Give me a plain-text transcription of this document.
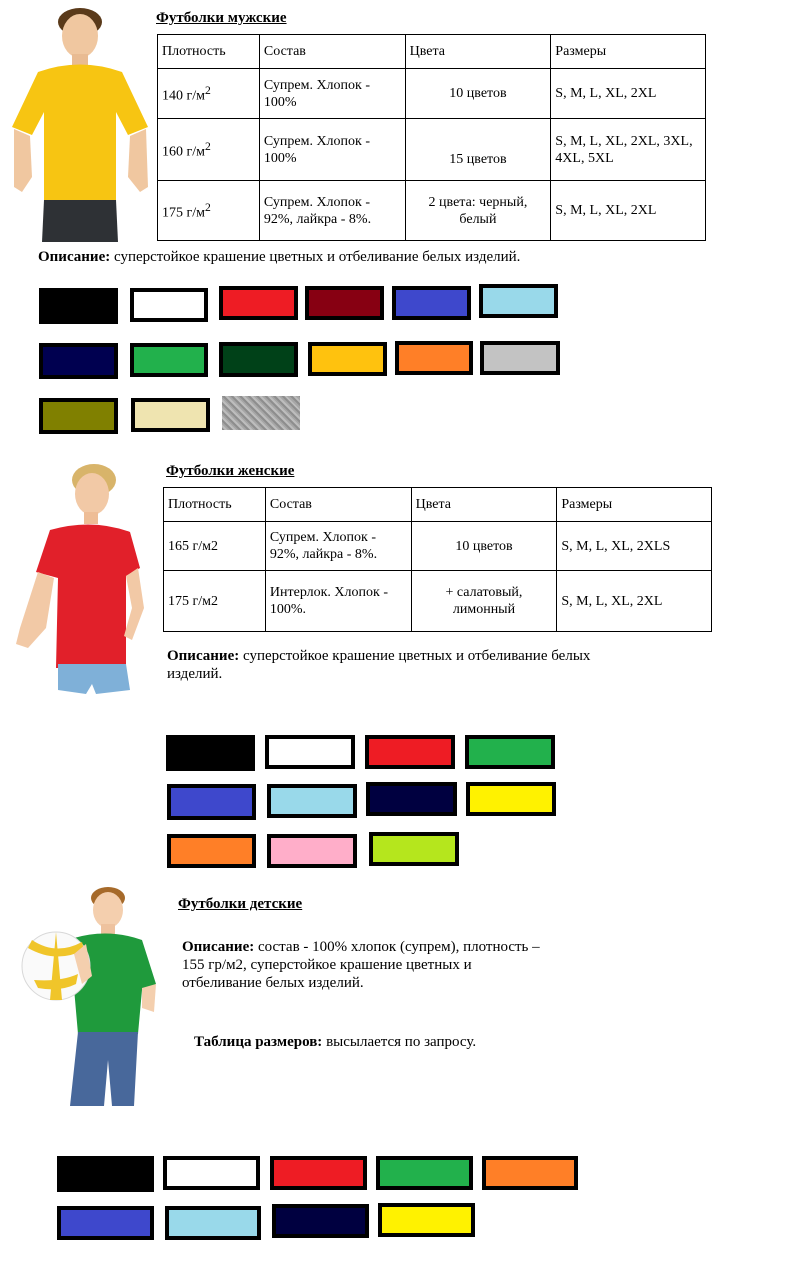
Футболки мужские
Плотность	Состав	Цвета	Размеры
140 $г/м^2$	Супрем. Хлопок - 100%	10 цветов	S, M, L, XL, 2XL
160 $г/м^2$	Супрем. Хлопок - 100%	15 цветов	S, M, L, XL, 2XL, 3XL, 4XL, 5XL
175 $г/м^2$	Супрем. Хлопок - 92%, лайкра - 8%.	2 цвета: черный, белый	S, M, L, XL, 2XL
Описание: суперстойкое крашение цветных и отбеливание белых изделий.
Футболки женские
Плотность	Состав	Цвета	Размеры
165 г/м2	Супрем. Хлопок - 92%, лайкра - 8%.	10 цветов	S, M, L, XL, 2XLS
175 г/м2	Интерлок. Хлопок - 100%.	+ салатовый, лимонный	S, M, L, XL, 2XL
Описание: суперстойкое крашение цветных и отбеливание белых изделий.
Футболки детские
Описание: состав - 100% хлопок (супрем), плотность – 155 гр/м2, суперстойкое крашение цветных и отбеливание белых изделий.
Таблица размеров: высылается по запросу.
